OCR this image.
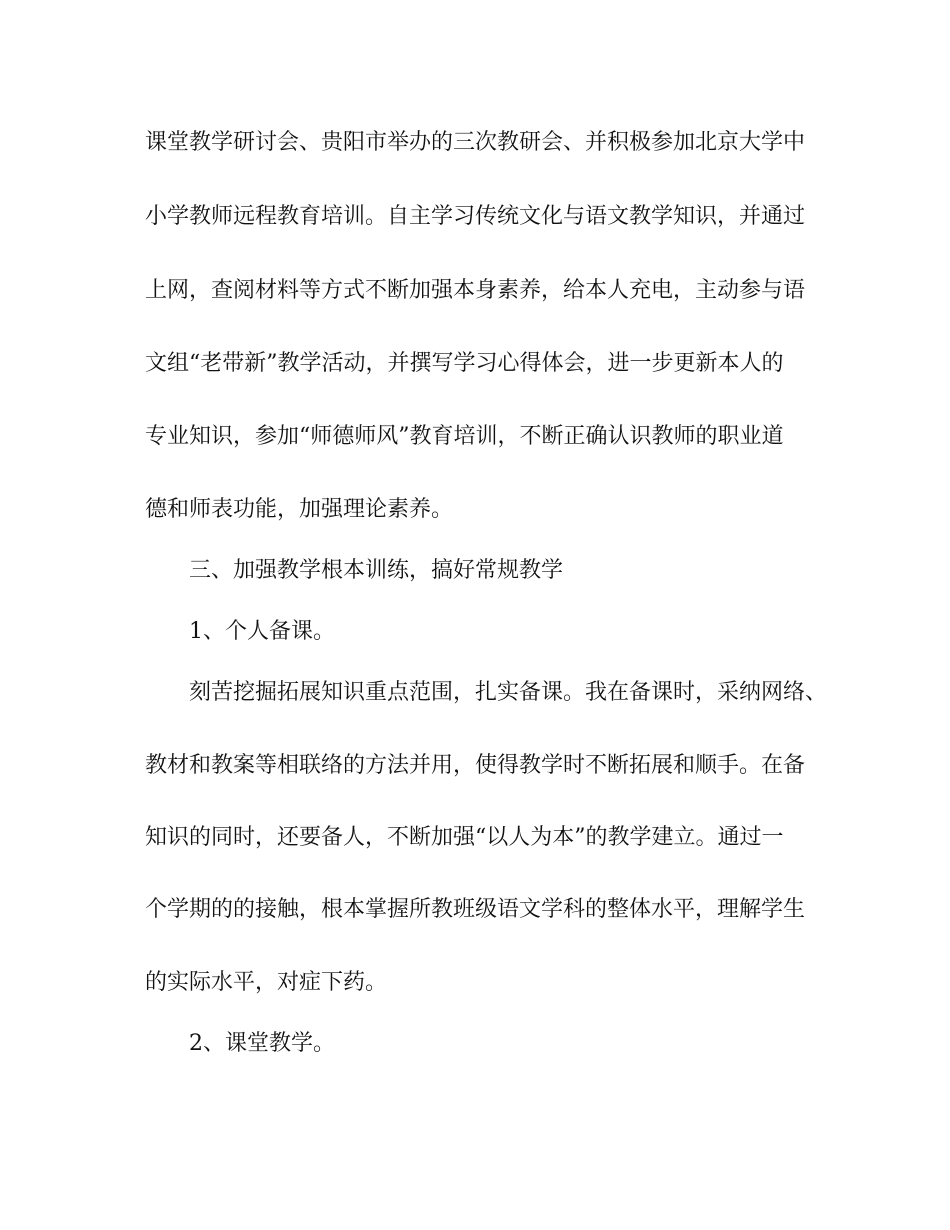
课堂教学研讨会、贵阳市举办的三次教研会、并积极参加北京大学中
小学教师远程教育培训。自主学习传统文化与语文教学知识，并通过
上网，查阅材料等方式不断加强本身素养，给本人充电，主动参与语
文组“老带新”教学活动，并撰写学习心得体会，进一步更新本人的
专业知识，参加“师德师风”教育培训，不断正确认识教师的职业道
德和师表功能，加强理论素养。
三、加强教学根本训练，搞好常规教学
1、个人备课。
刻苦挖掘拓展知识重点范围，扎实备课。我在备课时，采纳网络、
教材和教案等相联络的方法并用，使得教学时不断拓展和顺手。在备
知识的同时，还要备人，不断加强“以人为本”的教学建立。通过一
个学期的的接触，根本掌握所教班级语文学科的整体水平，理解学生
的实际水平，对症下药。
2、课堂教学。
